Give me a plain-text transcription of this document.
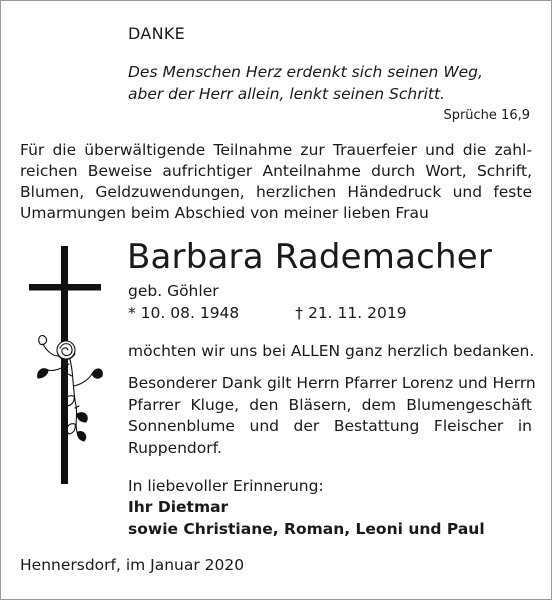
DANKE
Des Menschen Herz erdenkt sich seinen Weg,
aber der Herr allein, lenkt seinen Schritt.
Sprüche 16,9
Für die überwältigende Teilnahme zur Trauerfeier und die zahl-
reichen Beweise aufrichtiger Anteilnahme durch Wort, Schrift,
Blumen, Geldzuwendungen, herzlichen Händedruck und feste
Umarmungen beim Abschied von meiner lieben Frau
Barbara Rademacher
geb. Göhler
* 10. 08. 1948	† 21. 11. 2019
möchten wir uns bei ALLEN ganz herzlich bedanken.
Besonderer Dank gilt Herrn Pfarrer Lorenz und Herrn
Pfarrer Kluge, den Bläsern, dem Blumengeschäft
Sonnenblume und der Bestattung Fleischer in
Ruppendorf.
In liebevoller Erinnerung:
Ihr Dietmar
sowie Christiane, Roman, Leoni und Paul
Hennersdorf, im Januar 2020
